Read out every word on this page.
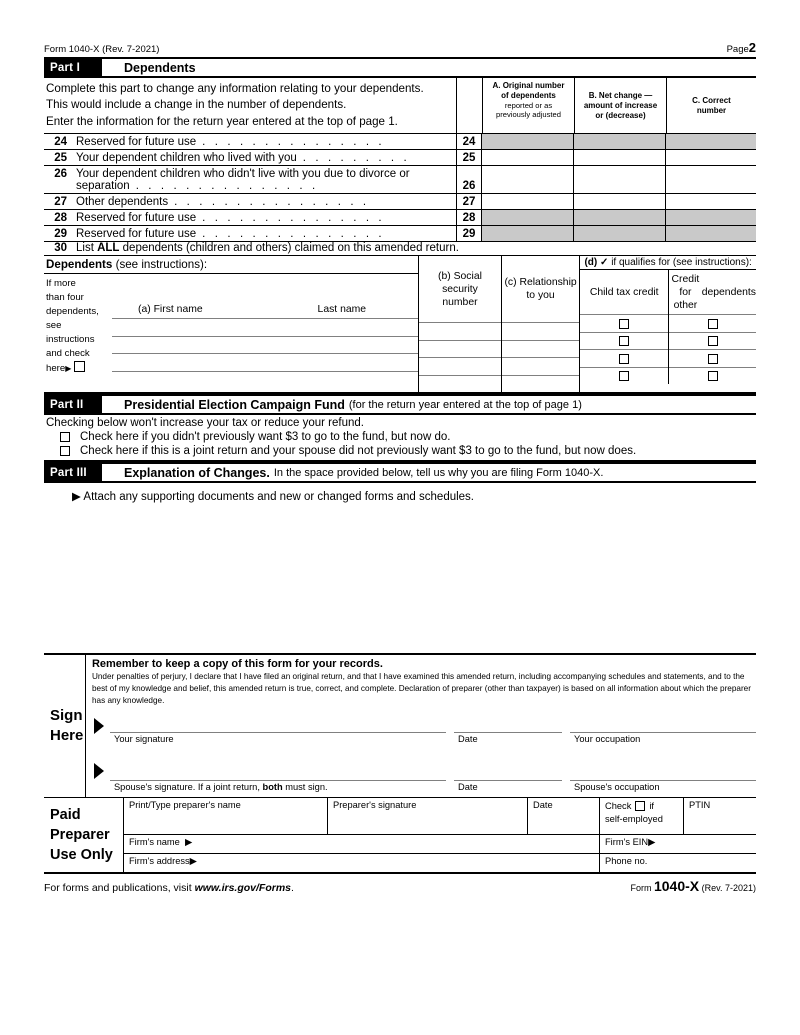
Form 1040-X (Rev. 7-2021)	Page2
Part I	Dependents
Complete this part to change any information relating to your dependents.
This would include a change in the number of dependents.
Enter the information for the return year entered at the top of page 1.
A. Original number
of dependents
reported or as
previously adjusted
B. Net change —
amount of increase
or (decrease)
C. Correct
number
24 Reserved for future use . . . . . . . . . . . . . . .	24
25 Your dependent children who lived with you . . . . . . . . .	25
26 Your dependent children who didn't live with you due to divorce or
separation . . . . . . . . . . . . . . .	26
27 Other dependents . . . . . . . . . . . . . . . .	27
28 Reserved for future use . . . . . . . . . . . . . . .	28
29 Reserved for future use . . . . . . . . . . . . . . .	29
30 List ALL dependents (children and others) claimed on this amended return.
Dependents (see instructions):
If more
than four
dependents,
see
instructions
and check
here▶
(a) First name	Last name
(b) Social security
number
(c) Relationship
to you
(d) ✓ if qualifies for (see instructions):
Child tax credit
Credit for other
dependents
Part II	Presidential Election Campaign Fund (for the return year entered at the top of page 1)
Checking below won't increase your tax or reduce your refund.
Check here if you didn't previously want $3 to go to the fund, but now do.
Check here if this is a joint return and your spouse did not previously want $3 to go to the fund, but now does.
Part III	Explanation of Changes. In the space provided below, tell us why you are filing Form 1040-X.
▶ Attach any supporting documents and new or changed forms and schedules.
Sign
Here
Remember to keep a copy of this form for your records.
Under penalties of perjury, I declare that I have filed an original return, and that I have examined this amended return, including accompanying schedules and statements, and to the best of my knowledge and belief, this amended return is true, correct, and complete. Declaration of preparer (other than taxpayer) is based on all information about which the preparer has any knowledge.
Your signature	Date	Your occupation
Spouse's signature. If a joint return, both must sign.	Date	Spouse's occupation
Paid
Preparer
Use Only
Print/Type preparer's name	Preparer's signature	Date	Check if
self-employed
PTIN
Firm's name ▶	Firm's EIN▶
Firm's address▶	Phone no.
For forms and publications, visit www.irs.gov/Forms.	Form 1040-X (Rev. 7-2021)
